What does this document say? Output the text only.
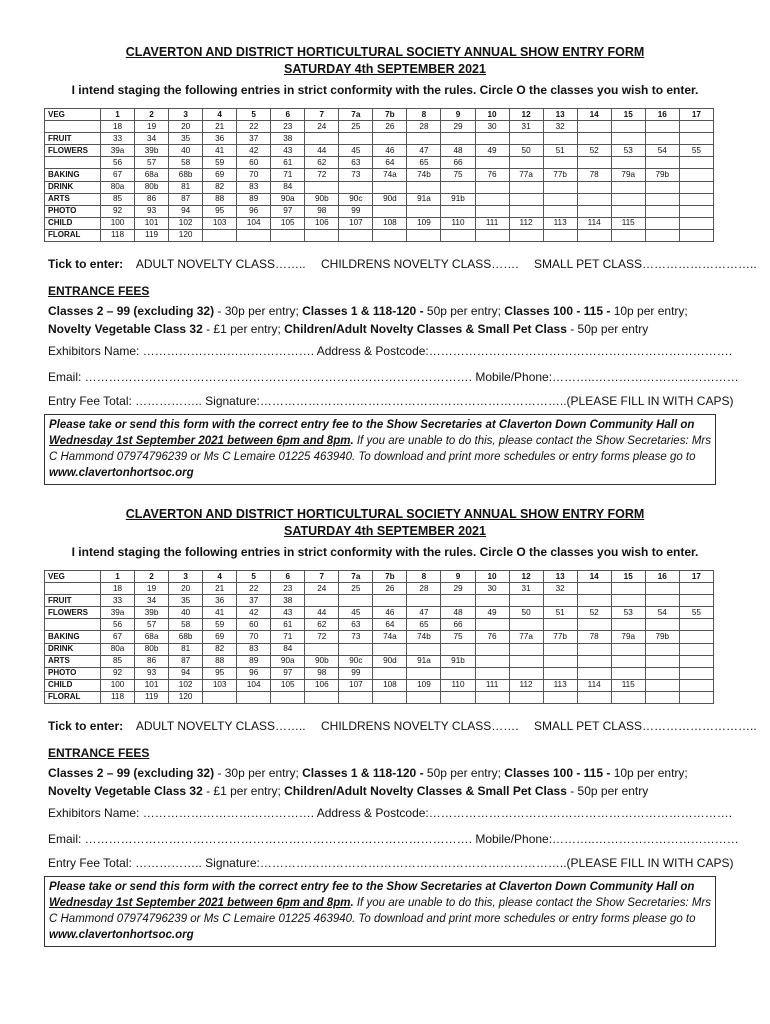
CLAVERTON AND DISTRICT HORTICULTURAL SOCIETY ANNUAL SHOW ENTRY FORM
SATURDAY 4th SEPTEMBER 2021
I intend staging the following entries in strict conformity with the rules. Circle O the classes you wish to enter.
VEG	1	2	3	4	5	6	7	7a	7b	8	9	10	12	13	14	15	16	17
	18	19	20	21	22	23	24	25	26	28	29	30	31	32				
FRUIT	33	34	35	36	37	38												
FLOWERS	39a	39b	40	41	42	43	44	45	46	47	48	49	50	51	52	53	54	55
	56	57	58	59	60	61	62	63	64	65	66							
BAKING	67	68a	68b	69	70	71	72	73	74a	74b	75	76	77a	77b	78	79a	79b	
DRINK	80a	80b	81	82	83	84												
ARTS	85	86	87	88	89	90a	90b	90c	90d	91a	91b							
PHOTO	92	93	94	95	96	97	98	99										
CHILD	100	101	102	103	104	105	106	107	108	109	110	111	112	113	114	115		
FLORAL	118	119	120															
Tick to enter: ADULT NOVELTY CLASS…….. CHILDRENS NOVELTY CLASS……. SMALL PET CLASS………………………..
ENTRANCE FEES
Classes 2 – 99 (excluding 32) - 30p per entry; Classes 1 & 118-120 - 50p per entry; Classes 100 - 115 - 10p per entry;
Novelty Vegetable Class 32 - £1 per entry; Children/Adult Novelty Classes & Small Pet Class - 50p per entry
Exhibitors Name: ……………………………………. Address & Postcode:………………………………………………………………….
Email: ……………………………………………………………………………………. Mobile/Phone:………..………………………………
Entry Fee Total: …………….. Signature:…………………………………………………………………..(PLEASE FILL IN WITH CAPS)
Please take or send this form with the correct entry fee to the Show Secretaries at Claverton Down Community Hall on Wednesday 1st September 2021 between 6pm and 8pm. If you are unable to do this, please contact the Show Secretaries: Mrs C Hammond 07974796239 or Ms C Lemaire 01225 463940. To download and print more schedules or entry forms please go to www.clavertonhortsoc.org
CLAVERTON AND DISTRICT HORTICULTURAL SOCIETY ANNUAL SHOW ENTRY FORM
SATURDAY 4th SEPTEMBER 2021
I intend staging the following entries in strict conformity with the rules. Circle O the classes you wish to enter.
VEG	1	2	3	4	5	6	7	7a	7b	8	9	10	12	13	14	15	16	17
	18	19	20	21	22	23	24	25	26	28	29	30	31	32				
FRUIT	33	34	35	36	37	38												
FLOWERS	39a	39b	40	41	42	43	44	45	46	47	48	49	50	51	52	53	54	55
	56	57	58	59	60	61	62	63	64	65	66							
BAKING	67	68a	68b	69	70	71	72	73	74a	74b	75	76	77a	77b	78	79a	79b	
DRINK	80a	80b	81	82	83	84												
ARTS	85	86	87	88	89	90a	90b	90c	90d	91a	91b							
PHOTO	92	93	94	95	96	97	98	99										
CHILD	100	101	102	103	104	105	106	107	108	109	110	111	112	113	114	115		
FLORAL	118	119	120															
Tick to enter: ADULT NOVELTY CLASS…….. CHILDRENS NOVELTY CLASS……. SMALL PET CLASS………………………..
ENTRANCE FEES
Classes 2 – 99 (excluding 32) - 30p per entry; Classes 1 & 118-120 - 50p per entry; Classes 100 - 115 - 10p per entry;
Novelty Vegetable Class 32 - £1 per entry; Children/Adult Novelty Classes & Small Pet Class - 50p per entry
Exhibitors Name: ……………………………………. Address & Postcode:………………………………………………………………….
Email: ……………………………………………………………………………………. Mobile/Phone:………..………………………………
Entry Fee Total: …………….. Signature:…………………………………………………………………..(PLEASE FILL IN WITH CAPS)
Please take or send this form with the correct entry fee to the Show Secretaries at Claverton Down Community Hall on Wednesday 1st September 2021 between 6pm and 8pm. If you are unable to do this, please contact the Show Secretaries: Mrs C Hammond 07974796239 or Ms C Lemaire 01225 463940. To download and print more schedules or entry forms please go to www.clavertonhortsoc.org
